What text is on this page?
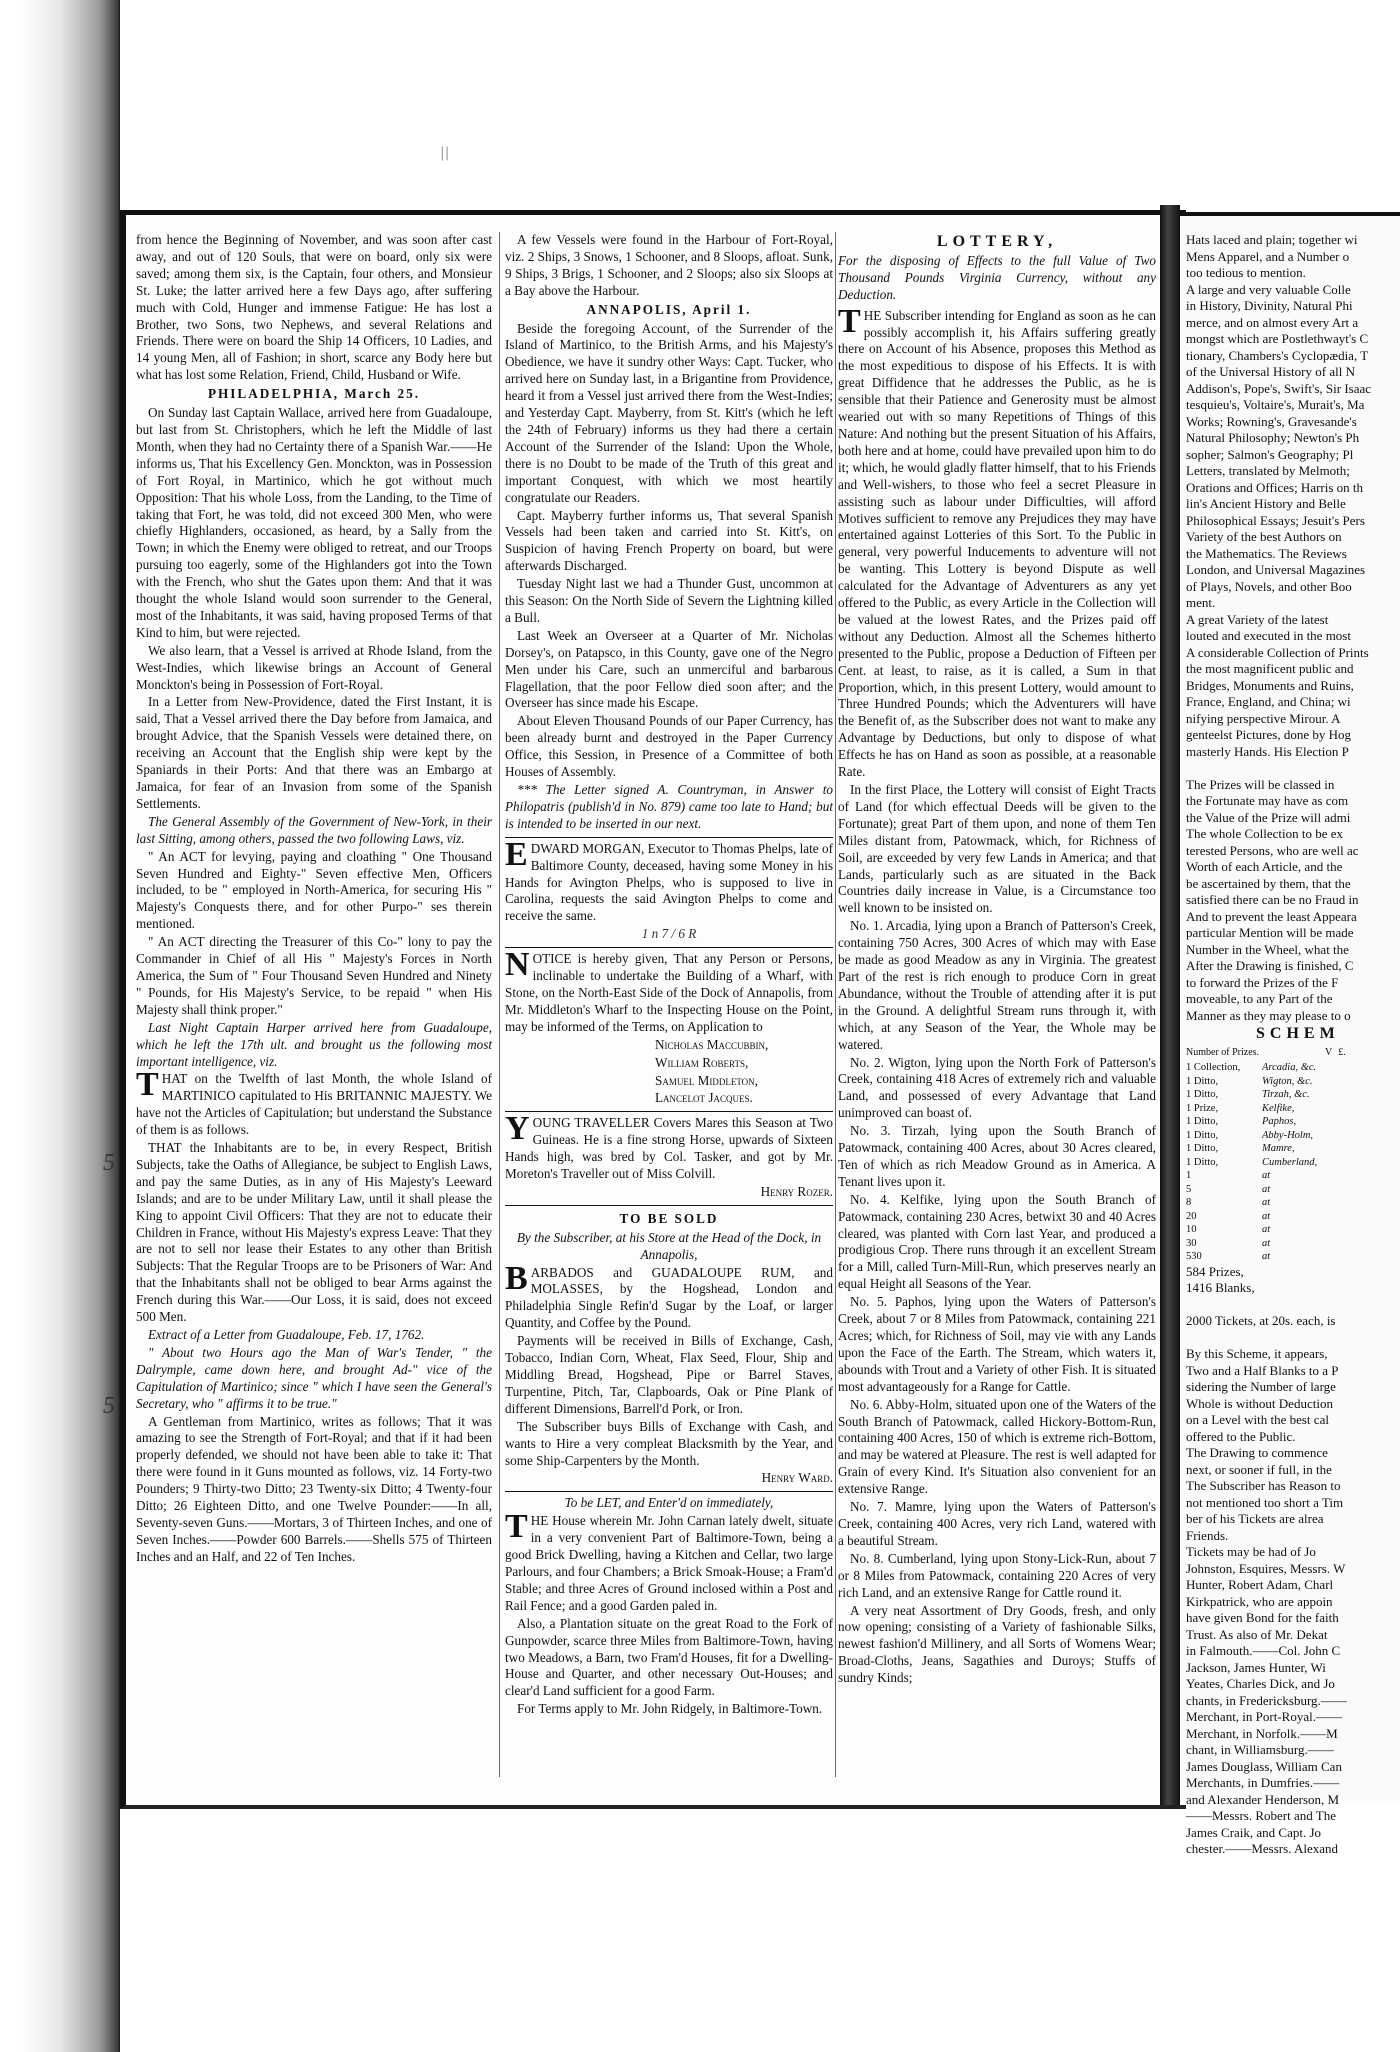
||
5
5

from hence the Beginning of November, and was soon after cast away, and out of 120 Souls, that were on board, only six were saved; among them six, is the Captain, four others, and Monsieur St. Luke; the latter arrived here a few Days ago, after suffering much with Cold, Hunger and immense Fatigue: He has lost a Brother, two Sons, two Nephews, and several Relations and Friends. There were on board the Ship 14 Officers, 10 Ladies, and 14 young Men, all of Fashion; in short, scarce any Body here but what has lost some Relation, Friend, Child, Husband or Wife.

PHILADELPHIA, March 25.

On Sunday last Captain Wallace, arrived here from Guadaloupe, but last from St. Christophers, which he left the Middle of last Month, when they had no Certainty there of a Spanish War.——He informs us, That his Excellency Gen. Monckton, was in Possession of Fort Royal, in Martinico, which he got without much Opposition: That his whole Loss, from the Landing, to the Time of taking that Fort, he was told, did not exceed 300 Men, who were chiefly Highlanders, occasioned, as heard, by a Sally from the Town; in which the Enemy were obliged to retreat, and our Troops pursuing too eagerly, some of the Highlanders got into the Town with the French, who shut the Gates upon them: And that it was thought the whole Island would soon surrender to the General, most of the Inhabitants, it was said, having proposed Terms of that Kind to him, but were rejected.

We also learn, that a Vessel is arrived at Rhode Island, from the West-Indies, which likewise brings an Account of General Monckton's being in Possession of Fort-Royal.

In a Letter from New-Providence, dated the First Instant, it is said, That a Vessel arrived there the Day before from Jamaica, and brought Advice, that the Spanish Vessels were detained there, on receiving an Account that the English ship were kept by the Spaniards in their Ports: And that there was an Embargo at Jamaica, for fear of an Invasion from some of the Spanish Settlements.

The General Assembly of the Government of New-York, in their last Sitting, among others, passed the two following Laws, viz.

" An ACT for levying, paying and cloathing " One Thousand Seven Hundred and Eighty-" Seven effective Men, Officers included, to be " employed in North-America, for securing His " Majesty's Conquests there, and for other Purpo-" ses therein mentioned.

" An ACT directing the Treasurer of this Co-" lony to pay the Commander in Chief of all His " Majesty's Forces in North America, the Sum of " Four Thousand Seven Hundred and Ninety " Pounds, for His Majesty's Service, to be repaid " when His Majesty shall think proper."

Last Night Captain Harper arrived here from Guadaloupe, which he left the 17th ult. and brought us the following most important intelligence, viz.

THAT on the Twelfth of last Month, the whole Island of MARTINICO capitulated to His BRITANNIC MAJESTY. We have not the Articles of Capitulation; but understand the Substance of them is as follows.

THAT the Inhabitants are to be, in every Respect, British Subjects, take the Oaths of Allegiance, be subject to English Laws, and pay the same Duties, as in any of His Majesty's Leeward Islands; and are to be under Military Law, until it shall please the King to appoint Civil Officers: That they are not to educate their Children in France, without His Majesty's express Leave: That they are not to sell nor lease their Estates to any other than British Subjects: That the Regular Troops are to be Prisoners of War: And that the Inhabitants shall not be obliged to bear Arms against the French during this War.——Our Loss, it is said, does not exceed 500 Men.

Extract of a Letter from Guadaloupe, Feb. 17, 1762.

" About two Hours ago the Man of War's Tender, " the Dalrymple, came down here, and brought Ad-" vice of the Capitulation of Martinico; since " which I have seen the General's Secretary, who " affirms it to be true."

A Gentleman from Martinico, writes as follows; That it was amazing to see the Strength of Fort-Royal; and that if it had been properly defended, we should not have been able to take it: That there were found in it Guns mounted as follows, viz. 14 Forty-two Pounders; 9 Thirty-two Ditto; 23 Twenty-six Ditto; 4 Twenty-four Ditto; 26 Eighteen Ditto, and one Twelve Pounder:——In all, Seventy-seven Guns.——Mortars, 3 of Thirteen Inches, and one of Seven Inches.——Powder 600 Barrels.——Shells 575 of Thirteen Inches and an Half, and 22 of Ten Inches.

A few Vessels were found in the Harbour of Fort-Royal, viz. 2 Ships, 3 Snows, 1 Schooner, and 8 Sloops, afloat. Sunk, 9 Ships, 3 Brigs, 1 Schooner, and 2 Sloops; also six Sloops at a Bay above the Harbour.

ANNAPOLIS, April 1.

Beside the foregoing Account, of the Surrender of the Island of Martinico, to the British Arms, and his Majesty's Obedience, we have it sundry other Ways: Capt. Tucker, who arrived here on Sunday last, in a Brigantine from Providence, heard it from a Vessel just arrived there from the West-Indies; and Yesterday Capt. Mayberry, from St. Kitt's (which he left the 24th of February) informs us they had there a certain Account of the Surrender of the Island: Upon the Whole, there is no Doubt to be made of the Truth of this great and important Conquest, with which we most heartily congratulate our Readers.

Capt. Mayberry further informs us, That several Spanish Vessels had been taken and carried into St. Kitt's, on Suspicion of having French Property on board, but were afterwards Discharged.

Tuesday Night last we had a Thunder Gust, uncommon at this Season: On the North Side of Severn the Lightning killed a Bull.

Last Week an Overseer at a Quarter of Mr. Nicholas Dorsey's, on Patapsco, in this County, gave one of the Negro Men under his Care, such an unmerciful and barbarous Flagellation, that the poor Fellow died soon after; and the Overseer has since made his Escape.

About Eleven Thousand Pounds of our Paper Currency, has been already burnt and destroyed in the Paper Currency Office, this Session, in Presence of a Committee of both Houses of Assembly.

*** The Letter signed A. Countryman, in Answer to Philopatris (publish'd in No. 879) came too late to Hand; but is intended to be inserted in our next.

EDWARD MORGAN, Executor to Thomas Phelps, late of Baltimore County, deceased, having some Money in his Hands for Avington Phelps, who is supposed to live in Carolina, requests the said Avington Phelps to come and receive the same.

1 n 7 / 6 R

NOTICE is hereby given, That any Person or Persons, inclinable to undertake the Building of a Wharf, with Stone, on the North-East Side of the Dock of Annapolis, from Mr. Middleton's Wharf to the Inspecting House on the Point, may be informed of the Terms, on Application to

Nicholas Maccubbin,

William Roberts,

Samuel Middleton,

Lancelot Jacques.

YOUNG TRAVELLER Covers Mares this Season at Two Guineas. He is a fine strong Horse, upwards of Sixteen Hands high, was bred by Col. Tasker, and got by Mr. Moreton's Traveller out of Miss Colvill.

Henry Rozer.

TO BE SOLD

By the Subscriber, at his Store at the Head of the Dock, in Annapolis,

BARBADOS and GUADALOUPE RUM, and MOLASSES, by the Hogshead, London and Philadelphia Single Refin'd Sugar by the Loaf, or larger Quantity, and Coffee by the Pound.

Payments will be received in Bills of Exchange, Cash, Tobacco, Indian Corn, Wheat, Flax Seed, Flour, Ship and Middling Bread, Hogshead, Pipe or Barrel Staves, Turpentine, Pitch, Tar, Clapboards, Oak or Pine Plank of different Dimensions, Barrell'd Pork, or Iron.

The Subscriber buys Bills of Exchange with Cash, and wants to Hire a very compleat Blacksmith by the Year, and some Ship-Carpenters by the Month.

Henry Ward.

To be LET, and Enter'd on immediately,

THE House wherein Mr. John Carnan lately dwelt, situate in a very convenient Part of Baltimore-Town, being a good Brick Dwelling, having a Kitchen and Cellar, two large Parlours, and four Chambers; a Brick Smoak-House; a Fram'd Stable; and three Acres of Ground inclosed within a Post and Rail Fence; and a good Garden paled in.

Also, a Plantation situate on the great Road to the Fork of Gunpowder, scarce three Miles from Baltimore-Town, having two Meadows, a Barn, two Fram'd Houses, fit for a Dwelling-House and Quarter, and other necessary Out-Houses; and clear'd Land sufficient for a good Farm.

For Terms apply to Mr. John Ridgely, in Baltimore-Town.

LOTTERY,

For the disposing of Effects to the full Value of Two Thousand Pounds Virginia Currency, without any Deduction.

THE Subscriber intending for England as soon as he can possibly accomplish it, his Affairs suffering greatly there on Account of his Absence, proposes this Method as the most expeditious to dispose of his Effects. It is with great Diffidence that he addresses the Public, as he is sensible that their Patience and Generosity must be almost wearied out with so many Repetitions of Things of this Nature: And nothing but the present Situation of his Affairs, both here and at home, could have prevailed upon him to do it; which, he would gladly flatter himself, that to his Friends and Well-wishers, to those who feel a secret Pleasure in assisting such as labour under Difficulties, will afford Motives sufficient to remove any Prejudices they may have entertained against Lotteries of this Sort. To the Public in general, very powerful Inducements to adventure will not be wanting. This Lottery is beyond Dispute as well calculated for the Advantage of Adventurers as any yet offered to the Public, as every Article in the Collection will be valued at the lowest Rates, and the Prizes paid off without any Deduction. Almost all the Schemes hitherto presented to the Public, propose a Deduction of Fifteen per Cent. at least, to raise, as it is called, a Sum in that Proportion, which, in this present Lottery, would amount to Three Hundred Pounds; which the Adventurers will have the Benefit of, as the Subscriber does not want to make any Advantage by Deductions, but only to dispose of what Effects he has on Hand as soon as possible, at a reasonable Rate.

In the first Place, the Lottery will consist of Eight Tracts of Land (for which effectual Deeds will be given to the Fortunate); great Part of them upon, and none of them Ten Miles distant from, Patowmack, which, for Richness of Soil, are exceeded by very few Lands in America; and that Lands, particularly such as are situated in the Back Countries daily increase in Value, is a Circumstance too well known to be insisted on.

No. 1. Arcadia, lying upon a Branch of Patterson's Creek, containing 750 Acres, 300 Acres of which may with Ease be made as good Meadow as any in Virginia. The greatest Part of the rest is rich enough to produce Corn in great Abundance, without the Trouble of attending after it is put in the Ground. A delightful Stream runs through it, with which, at any Season of the Year, the Whole may be watered.

No. 2. Wigton, lying upon the North Fork of Patterson's Creek, containing 418 Acres of extremely rich and valuable Land, and possessed of every Advantage that Land unimproved can boast of.

No. 3. Tirzah, lying upon the South Branch of Patowmack, containing 400 Acres, about 30 Acres cleared, Ten of which as rich Meadow Ground as in America. A Tenant lives upon it.

No. 4. Kelfike, lying upon the South Branch of Patowmack, containing 230 Acres, betwixt 30 and 40 Acres cleared, was planted with Corn last Year, and produced a prodigious Crop. There runs through it an excellent Stream for a Mill, called Turn-Mill-Run, which preserves nearly an equal Height all Seasons of the Year.

No. 5. Paphos, lying upon the Waters of Patterson's Creek, about 7 or 8 Miles from Patowmack, containing 221 Acres; which, for Richness of Soil, may vie with any Lands upon the Face of the Earth. The Stream, which waters it, abounds with Trout and a Variety of other Fish. It is situated most advantageously for a Range for Cattle.

No. 6. Abby-Holm, situated upon one of the Waters of the South Branch of Patowmack, called Hickory-Bottom-Run, containing 400 Acres, 150 of which is extreme rich-Bottom, and may be watered at Pleasure. The rest is well adapted for Grain of every Kind. It's Situation also convenient for an extensive Range.

No. 7. Mamre, lying upon the Waters of Patterson's Creek, containing 400 Acres, very rich Land, watered with a beautiful Stream.

No. 8. Cumberland, lying upon Stony-Lick-Run, about 7 or 8 Miles from Patowmack, containing 220 Acres of very rich Land, and an extensive Range for Cattle round it.

A very neat Assortment of Dry Goods, fresh, and only now opening; consisting of a Variety of fashionable Silks, newest fashion'd Millinery, and all Sorts of Womens Wear; Broad-Cloths, Jeans, Sagathies and Duroys; Stuffs of sundry Kinds;

Hats laced and plain; together wi
Mens Apparel, and a Number o
too tedious to mention.
A large and very valuable Colle
in History, Divinity, Natural Phi
merce, and on almost every Art a
mongst which are Postlethwayt's C
tionary, Chambers's Cyclopædia, T
of the Universal History of all N
Addison's, Pope's, Swift's, Sir Isaac
tesquieu's, Voltaire's, Murait's, Ma
Works; Rowning's, Gravesande's
Natural Philosophy; Newton's Ph
sopher; Salmon's Geography; Pl
Letters, translated by Melmoth;
Orations and Offices; Harris on th
lin's Ancient History and Belle
Philosophical Essays; Jesuit's Pers
Variety of the best Authors on
the Mathematics. The Reviews
London, and Universal Magazines
of Plays, Novels, and other Boo
ment.
A great Variety of the latest
louted and executed in the most
A considerable Collection of Prints
the most magnificent public and
Bridges, Monuments and Ruins,
France, England, and China; wi
nifying perspective Mirour. A
genteelst Pictures, done by Hog
masterly Hands. His Election P

The Prizes will be classed in
the Fortunate may have as com
the Value of the Prize will admi
The whole Collection to be ex
terested Persons, who are well ac
Worth of each Article, and the
be ascertained by them, that the
satisfied there can be no Fraud in
And to prevent the least Appeara
particular Mention will be made
Number in the Wheel, what the
After the Drawing is finished, C
to forward the Prizes of the F
moveable, to any Part of the
Manner as they may please to o

SCHEM

Number of Prizes.	V £.
1 Collection,	Arcadia, &c.
1 Ditto,	Wigton, &c.
1 Ditto,	Tirzah, &c.
1 Prize,	Kelfike,
1 Ditto,	Paphos,
1 Ditto,	Abby-Holm,
1 Ditto,	Mamre,
1 Ditto,	Cumberland,
1	at
5	at
8	at
20	at
10	at
30	at
530	at
584 Prizes,
1416 Blanks,

2000 Tickets, at 20s. each, is

By this Scheme, it appears,
Two and a Half Blanks to a P
sidering the Number of large
Whole is without Deduction
on a Level with the best cal
offered to the Public.
The Drawing to commence
next, or sooner if full, in the
The Subscriber has Reason to
not mentioned too short a Tim
ber of his Tickets are alrea
Friends.
Tickets may be had of Jo
Johnston, Esquires, Messrs. W
Hunter, Robert Adam, Charl
Kirkpatrick, who are appoin
have given Bond for the faith
Trust. As also of Mr. Dekat
in Falmouth.——Col. John C
Jackson, James Hunter, Wi
Yeates, Charles Dick, and Jo
chants, in Fredericksburg.——
Merchant, in Port-Royal.——
Merchant, in Norfolk.——M
chant, in Williamsburg.——
James Douglass, William Can
Merchants, in Dumfries.——
and Alexander Henderson, M
——Messrs. Robert and The
James Craik, and Capt. Jo
chester.——Messrs. Alexand
